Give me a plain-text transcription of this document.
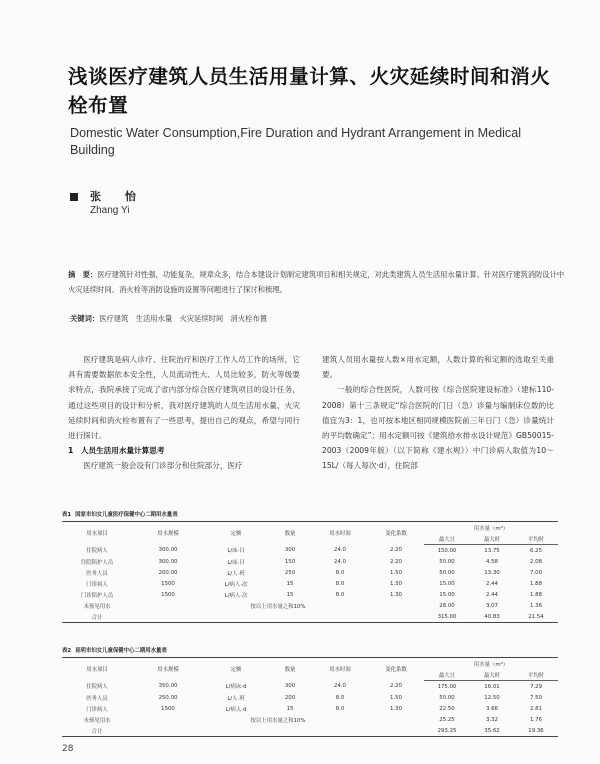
浅谈医疗建筑人员生活用量计算、火灾延续时间和消火栓布置
Domestic Water Consumption,Fire Duration and Hydrant Arrangement in Medical Building
张 怡
Zhang Yi
摘　要：医疗建筑针对性强，功能复杂，规章众多，结合本建设计划制定建筑项目和相关规定，对此类建筑人员生活用水量计算、针对医疗建筑消防设计中火灾延续时间、消火栓等消防设施的设置等问题进行了探讨和梳理。
关键词：医疗建筑　生活用水量　火灾延续时间　消火栓布置

医疗建筑是病人诊疗、住院治疗和医疗工作人员工作的场所，它具有需要数据依本安全性，人员流动性大、人员比较多，防火等级要求特点，我院承接了完成了省内部分综合医疗建筑项目的设计任务，通过这些项目的设计和分析，我对医疗建筑的人员生活用水量、火灾延续时间和消火栓布置有了一些思考，提出自己的观点，希望与同行进行探讨。

1　人员生活用水量计算思考

医疗建筑一般会设有门诊部分和住院部分，医疗

建筑人员用水量按人数×用水定额，人数计算的和定额的选取至关重要。

一般的综合性医院，人数可按《综合医院建设标准》（建标110-2008）第十三条规定“综合医院的门日（急）诊量与编制床位数的比值宜为3：1，也可按本地区相同规模医院前三年日门（急）诊量统计的平均数确定”；用水定额可按《建筑给水排水设计规范》GB50015-2003（2009年版）（以下简称《建水规》）中门诊病人取值为10～15L/（每人每次·d），住院部

表1 国家市妇女儿童医疗保健中心二期用水量表
用水项目	用水规模	定额	数量	用水时间	变化系数	用水量（m³）		
						最大日	最大时	平均时
住院病人	300.00	L/床·日	300	24.0	2.20	150.00	13.75	6.25
住院陪护人员	300.00	L/床·日	150	24.0	2.20	50.00	4.58	2.08
医务人员	200.00	L/人·班	250	8.0	1.50	50.00	13.30	7.00
门诊病人	1500	L/病人·次	15	8.0	1.30	15.00	2.44	1.88
门诊陪护人员	1500	L/病人·次	15	8.0	1.30	15.00	2.44	1.88
未预见用水	按以上用水量之和10%					28.00	3.07	1.36
合计						315.00	40.83	21.54
表2 昆明市妇女儿童保健中心二期用水量表
用水项目	用水规模	定额	数量	用水时间	变化系数	用水量（m³）		
						最大日	最大时	平均时
住院病人	350.00	L/病床·d	300	24.0	2.20	175.00	16.01	7.29
医务人员	250.00	L/人·班	200	8.0	1.50	50.00	12.50	7.50
门诊病人	1500	L/病人·d	15	8.0	1.30	22.50	3.66	2.81
未预见用水	按以上用水量之和10%					25.25	3.32	1.76
合计						293.25	35.62	19.36
28
